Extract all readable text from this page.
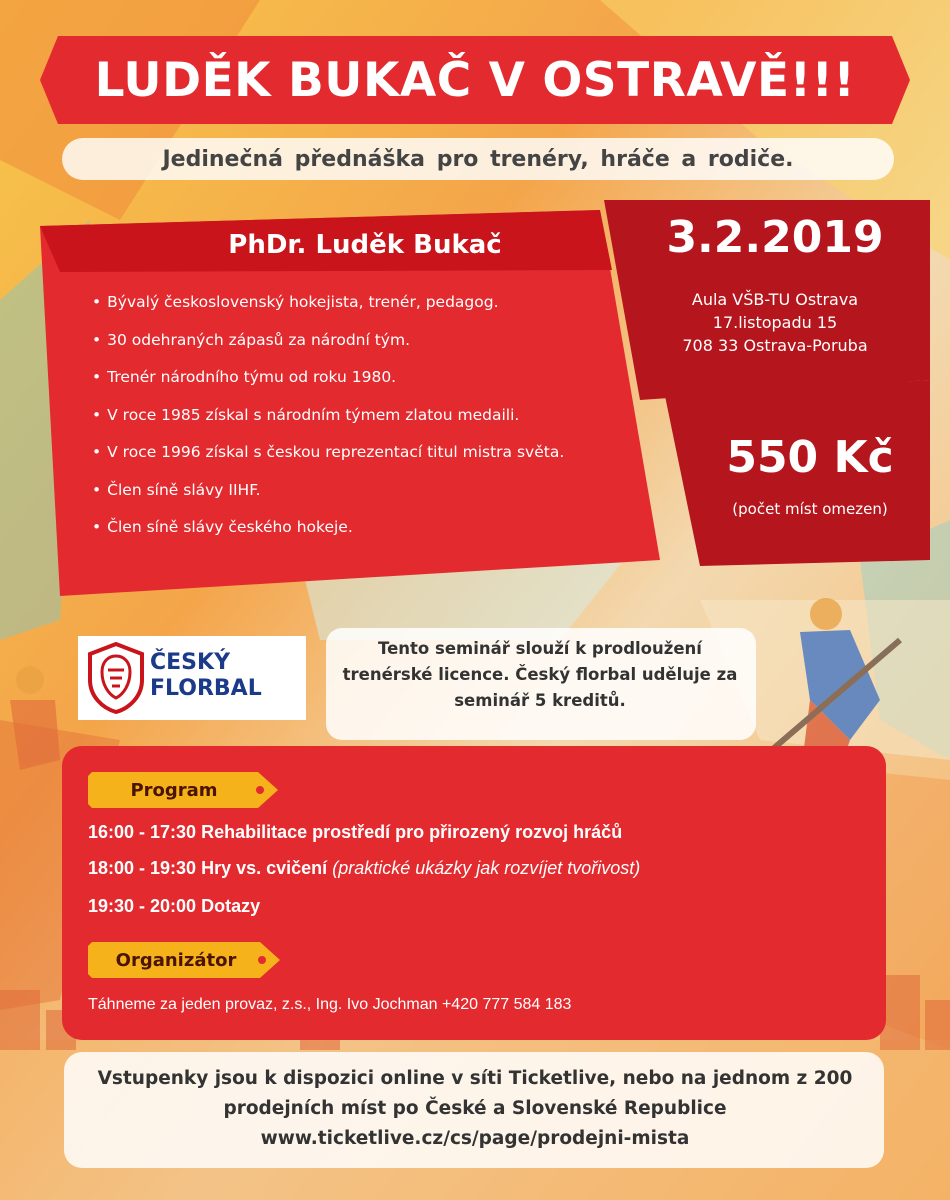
LUDĚK BUKAČ V OSTRAVĚ!!!
Jedinečná přednáška pro trenéry, hráče a rodiče.
PhDr. Luděk Bukač
• Bývalý československý hokejista, trenér, pedagog.
• 30 odehraných zápasů za národní tým.
• Trenér národního týmu od roku 1980.
• V roce 1985 získal s národním týmem zlatou medaili.
• V roce 1996 získal s českou reprezentací titul mistra světa.
• Člen síně slávy IIHF.
• Člen síně slávy českého hokeje.
3.2.2019
Aula VŠB-TU Ostrava
17.listopadu 15
708 33 Ostrava-Poruba
550 Kč
(počet míst omezen)
ČESKÝ
FLORBAL
Tento seminář slouží k prodloužení trenérské licence. Český florbal uděluje za seminář 5 kreditů.
Program
16:00 - 17:30 Rehabilitace prostředí pro přirozený rozvoj hráčů
18:00 - 19:30 Hry vs. cvičení (praktické ukázky jak rozvíjet tvořivost)
19:30 - 20:00 Dotazy
Organizátor
Táhneme za jeden provaz, z.s., Ing. Ivo Jochman +420 777 584 183
Vstupenky jsou k dispozici online v síti Ticketlive, nebo na jednom z 200 prodejních míst po České a Slovenské Republice www.ticketlive.cz/cs/page/prodejni-mista
